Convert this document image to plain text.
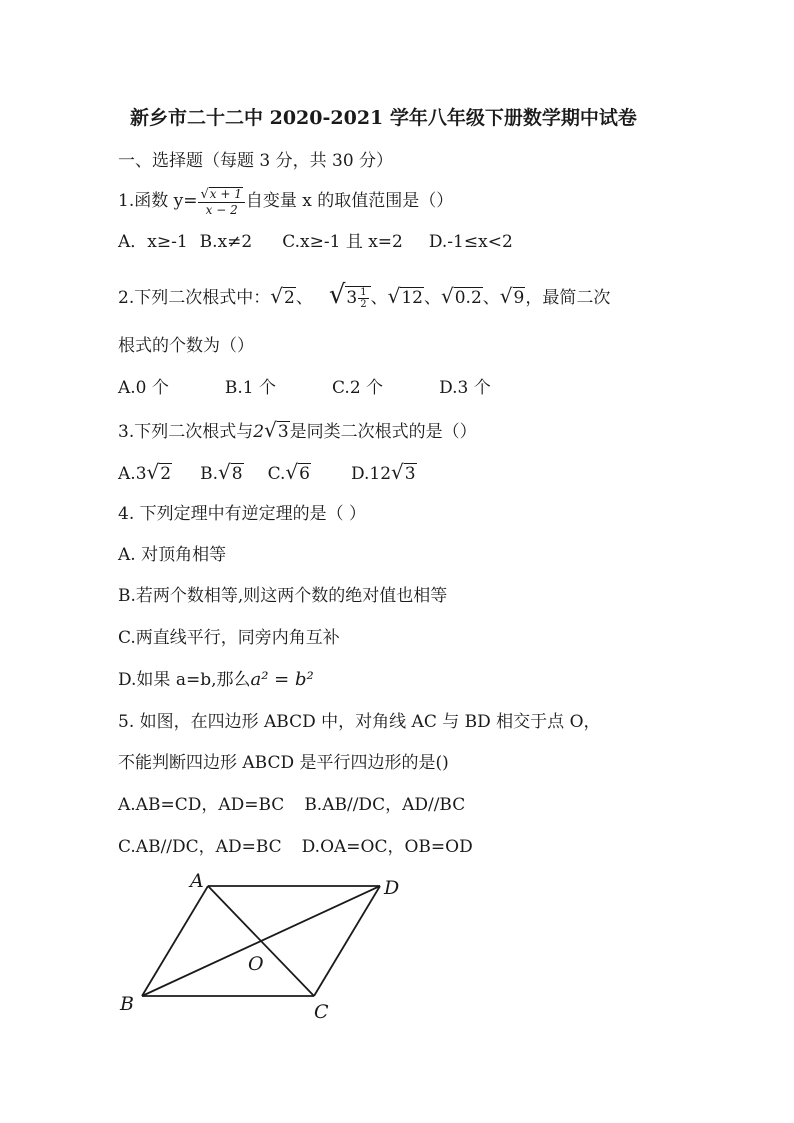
新乡市二十二中 2020-2021 学年八年级下册数学期中试卷
一、选择题（每题 3 分，共 30 分）
1.函数 $y= \frac{√x + 1}{x - 2}$ 自变量 x 的取值范围是（）
A．x≥-1 B.x≠2 C.x≥-1 且 x=2 D.-1≤x<2
2.下列二次根式中：√2、 $√3 \frac{1}{2}$ 、√12、√0.2、√9，最简二次
根式的个数为（）
A.0 个	B.1 个	C.2 个	D.3 个
3.下列二次根式与2√3是同类二次根式的是（）
A.3√2 B.√8 C.√6 D.12√3
4. 下列定理中有逆定理的是（ ）
A. 对顶角相等
B.若两个数相等,则这两个数的绝对值也相等
C.两直线平行，同旁内角互补
D.如果 a=b,那么a² = b²
5. 如图，在四边形 ABCD 中，对角线 AC 与 BD 相交于点 O，
不能判断四边形 ABCD 是平行四边形的是()
A.AB=CD，AD=BC B.AB//DC，AD//BC
C.AB//DC，AD=BC D.OA=OC，OB=OD
A	D
B	C
O
